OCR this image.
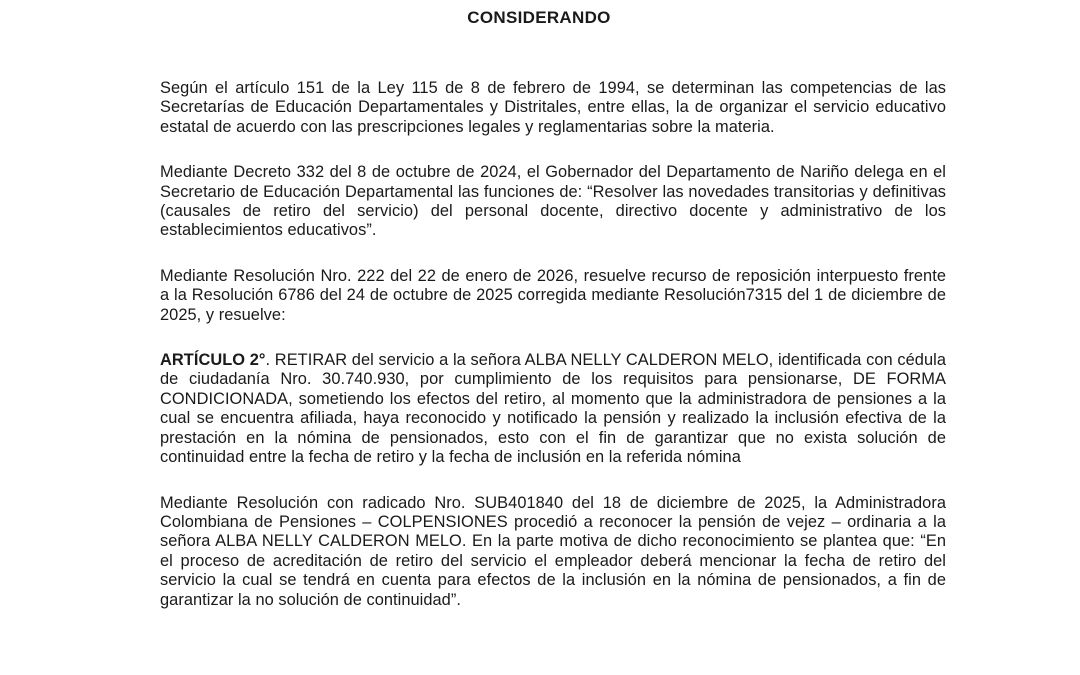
CONSIDERANDO

Según el artículo 151 de la Ley 115 de 8 de febrero de 1994, se determinan las competencias de las Secretarías de Educación Departamentales y Distritales, entre ellas, la de organizar el servicio educativo estatal de acuerdo con las prescripciones legales y reglamentarias sobre la materia.

Mediante Decreto 332 del 8 de octubre de 2024, el Gobernador del Departamento de Nariño delega en el Secretario de Educación Departamental las funciones de: “Resolver las novedades transitorias y definitivas (causales de retiro del servicio) del personal docente, directivo docente y administrativo de los establecimientos educativos”.

Mediante Resolución Nro. 222 del 22 de enero de 2026, resuelve recurso de reposición interpuesto frente a la Resolución 6786 del 24 de octubre de 2025 corregida mediante Resolución7315 del 1 de diciembre de 2025, y resuelve:

ARTÍCULO 2°. RETIRAR del servicio a la señora ALBA NELLY CALDERON MELO, identificada con cédula de ciudadanía Nro. 30.740.930, por cumplimiento de los requisitos para pensionarse, DE FORMA CONDICIONADA, sometiendo los efectos del retiro, al momento que la administradora de pensiones a la cual se encuentra afiliada, haya reconocido y notificado la pensión y realizado la inclusión efectiva de la prestación en la nómina de pensionados, esto con el fin de garantizar que no exista solución de continuidad entre la fecha de retiro y la fecha de inclusión en la referida nómina

Mediante Resolución con radicado Nro. SUB401840 del 18 de diciembre de 2025, la Administradora Colombiana de Pensiones – COLPENSIONES procedió a reconocer la pensión de vejez – ordinaria a la señora ALBA NELLY CALDERON MELO. En la parte motiva de dicho reconocimiento se plantea que: “En el proceso de acreditación de retiro del servicio el empleador deberá mencionar la fecha de retiro del servicio la cual se tendrá en cuenta para efectos de la inclusión en la nómina de pensionados, a fin de garantizar la no solución de continuidad”.
